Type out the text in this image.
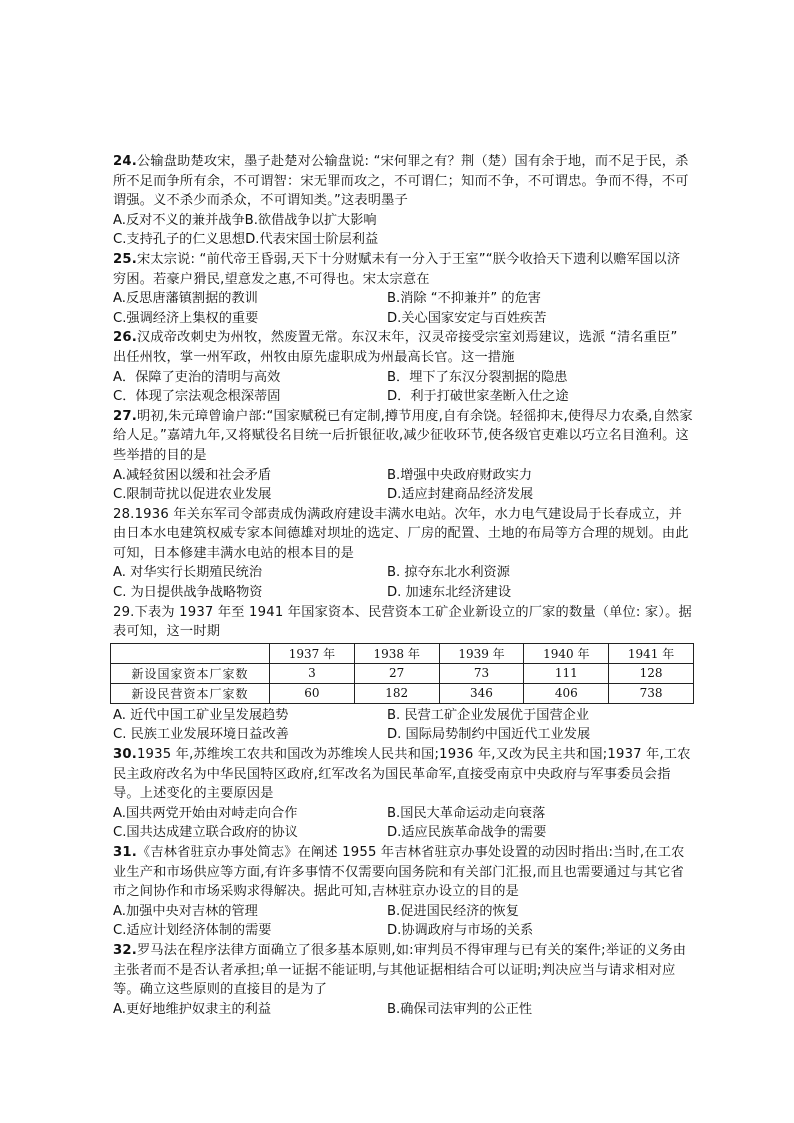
24.公输盘助楚攻宋，墨子赴楚对公输盘说: “宋何罪之有？荆（楚）国有余于地，而不足于民，杀所不足而争所有余，不可谓智：宋无罪而攻之，不可谓仁；知而不争，不可谓忠。争而不得，不可谓强。义不杀少而杀众，不可谓知类。”这表明墨子

A.反对不义的兼并战争B.欲借战争以扩大影响
C.支持孔子的仁义思想D.代表宋国士阶层利益

25.宋太宗说: “前代帝王昏弱,天下十分财赋未有一分入于王室”“朕今收拾天下遗利以赡军国以济穷困。若豪户猾民,望意发之惠,不可得也。宋太宗意在

A.反思唐藩镇割据的教训	B.消除 “不抑兼并” 的危害
C.强调经济上集权的重要	D.关心国家安定与百姓疾苦

26.汉成帝改刺史为州牧，然废置无常。东汉末年，汉灵帝接受宗室刘焉建议，选派 “清名重臣”　出任州牧，掌一州军政，州牧由原先虚职成为州最高长官。这一措施

A．保障了吏治的清明与高效	B．埋下了东汉分裂割据的隐患
C．体现了宗法观念根深蒂固	D．利于打破世家垄断入仕之途

27.明初,朱元璋曾谕户部:“国家赋税已有定制,撙节用度,自有余饶。轻徭抑末,使得尽力农桑,自然家给人足。”嘉靖九年,又将赋役名目统一后折银征收,减少征收环节,使各级官吏难以巧立名目渔利。这些举措的目的是

A.减轻贫困以缓和社会矛盾	B.增强中央政府财政实力
C.限制苛扰以促进农业发展	D.适应封建商品经济发展

28.1936 年关东军司令部责成伪满政府建设丰满水电站。次年，水力电气建设局于长春成立，并由日本水电建筑权威专家本间德雄对坝址的选定、厂房的配置、土地的布局等方合理的规划。由此可知，日本修建丰满水电站的根本目的是

A. 对华实行长期殖民统治	B. 掠夺东北水利资源
C. 为日提供战争战略物资	D. 加速东北经济建设

29.下表为 1937 年至 1941 年国家资本、民营资本工矿企业新设立的厂家的数量（单位: 家）。据表可知，这一时期

	1937 年	1938 年	1939 年	1940 年	1941 年
新设国家资本厂家数	3	27	73	111	128
新设民营资本厂家数	60	182	346	406	738
A. 近代中国工矿业呈发展趋势	B. 民营工矿企业发展优于国营企业
C. 民族工业发展环境日益改善	D. 国际局势制约中国近代工业发展

30.1935 年,苏维埃工农共和国改为苏维埃人民共和国;1936 年,又改为民主共和国;1937 年,工农民主政府改名为中华民国特区政府,红军改名为国民革命军,直接受南京中央政府与军事委员会指导。上述变化的主要原因是

A.国共两党开始由对峙走向合作	B.国民大革命运动走向衰落
C.国共达成建立联合政府的协议	D.适应民族革命战争的需要

31.《吉林省驻京办事处简志》在阐述 1955 年吉林省驻京办事处设置的动因时指出:当时,在工农业生产和市场供应等方面,有许多事情不仅需要向国务院和有关部门汇报,而且也需要通过与其它省市之间协作和市场采购求得解决。据此可知,吉林驻京办设立的目的是

A.加强中央对吉林的管理	B.促进国民经济的恢复
C.适应计划经济体制的需要	D.协调政府与市场的关系

32.罗马法在程序法律方面确立了很多基本原则,如:审判员不得审理与已有关的案件;举证的义务由主张者而不是否认者承担;单一证据不能证明,与其他证据相结合可以证明;判决应当与请求相对应等。确立这些原则的直接目的是为了

A.更好地维护奴隶主的利益	B.确保司法审判的公正性
